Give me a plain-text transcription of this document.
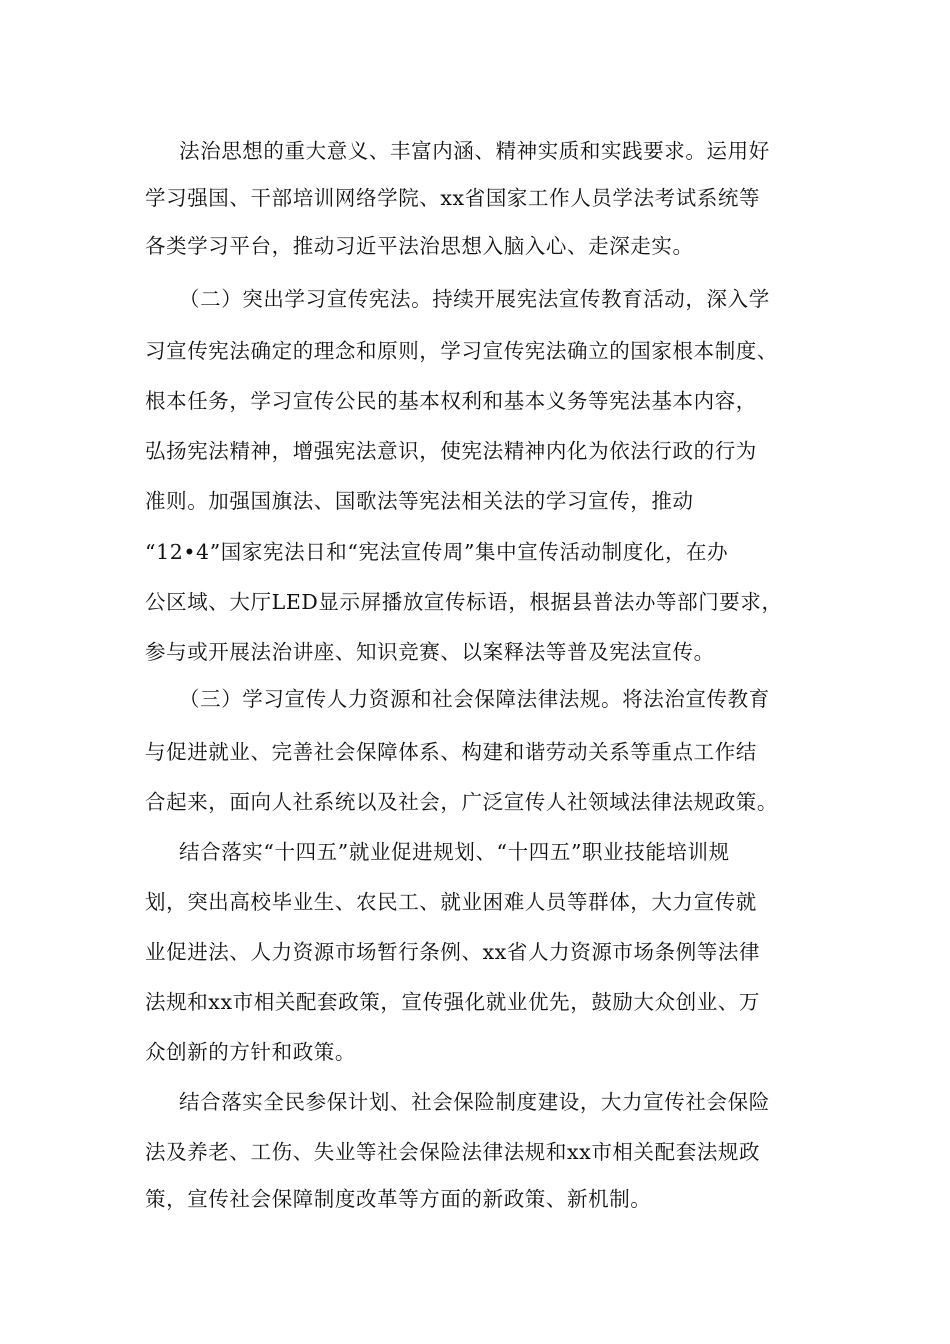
法治思想的重大意义、丰富内涵、精神实质和实践要求。运用好
学习强国、干部培训网络学院、xx省国家工作人员学法考试系统等
各类学习平台，推动习近平法治思想入脑入心、走深走实。
（二）突出学习宣传宪法。持续开展宪法宣传教育活动，深入学
习宣传宪法确定的理念和原则，学习宣传宪法确立的国家根本制度、
根本任务，学习宣传公民的基本权利和基本义务等宪法基本内容，
弘扬宪法精神，增强宪法意识，使宪法精神内化为依法行政的行为
准则。加强国旗法、国歌法等宪法相关法的学习宣传，推动
“12•4”国家宪法日和“宪法宣传周”集中宣传活动制度化，在办
公区域、大厅LED显示屏播放宣传标语，根据县普法办等部门要求，
参与或开展法治讲座、知识竞赛、以案释法等普及宪法宣传。
（三）学习宣传人力资源和社会保障法律法规。将法治宣传教育
与促进就业、完善社会保障体系、构建和谐劳动关系等重点工作结
合起来，面向人社系统以及社会，广泛宣传人社领域法律法规政策。
结合落实“十四五”就业促进规划、“十四五”职业技能培训规
划，突出高校毕业生、农民工、就业困难人员等群体，大力宣传就
业促进法、人力资源市场暂行条例、xx省人力资源市场条例等法律
法规和xx市相关配套政策，宣传强化就业优先，鼓励大众创业、万
众创新的方针和政策。
结合落实全民参保计划、社会保险制度建设，大力宣传社会保险
法及养老、工伤、失业等社会保险法律法规和xx市相关配套法规政
策，宣传社会保障制度改革等方面的新政策、新机制。
